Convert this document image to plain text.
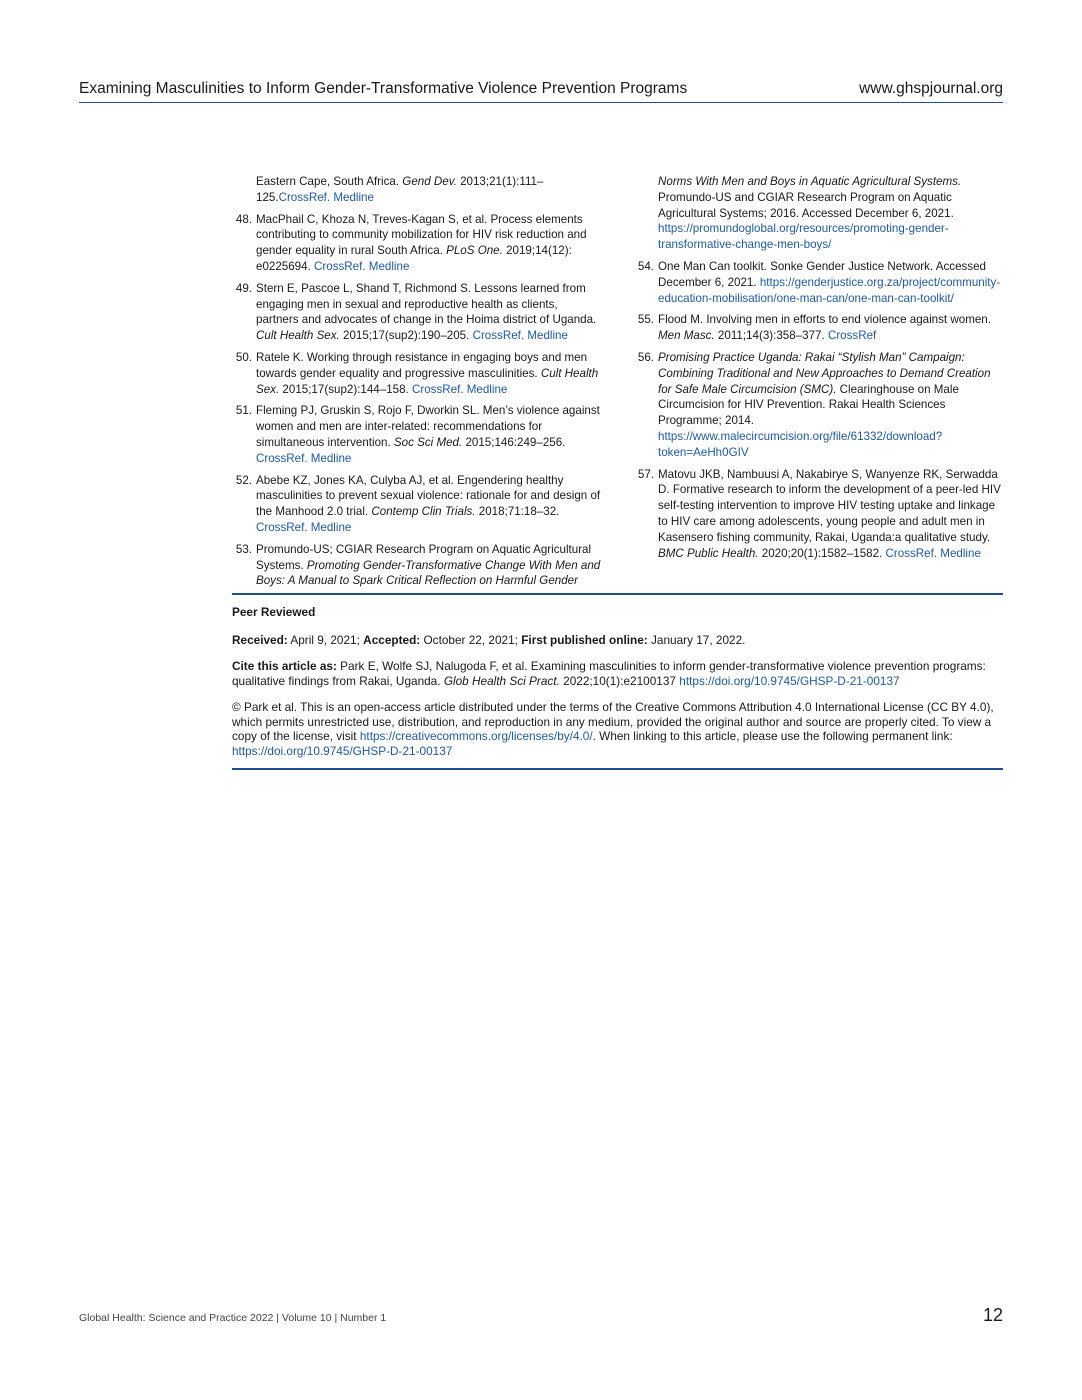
Examining Masculinities to Inform Gender-Transformative Violence Prevention Programs	www.ghspjournal.org
Eastern Cape, South Africa. Gend Dev. 2013;21(1):111–125.CrossRef. Medline
48. MacPhail C, Khoza N, Treves-Kagan S, et al. Process elements contributing to community mobilization for HIV risk reduction and gender equality in rural South Africa. PLoS One. 2019;14(12): e0225694. CrossRef. Medline
49. Stern E, Pascoe L, Shand T, Richmond S. Lessons learned from engaging men in sexual and reproductive health as clients, partners and advocates of change in the Hoima district of Uganda. Cult Health Sex. 2015;17(sup2):190–205. CrossRef. Medline
50. Ratele K. Working through resistance in engaging boys and men towards gender equality and progressive masculinities. Cult Health Sex. 2015;17(sup2):144–158. CrossRef. Medline
51. Fleming PJ, Gruskin S, Rojo F, Dworkin SL. Men’s violence against women and men are inter-related: recommendations for simultaneous intervention. Soc Sci Med. 2015;146:249–256. CrossRef. Medline
52. Abebe KZ, Jones KA, Culyba AJ, et al. Engendering healthy masculinities to prevent sexual violence: rationale for and design of the Manhood 2.0 trial. Contemp Clin Trials. 2018;71:18–32. CrossRef. Medline
53. Promundo-US; CGIAR Research Program on Aquatic Agricultural Systems. Promoting Gender-Transformative Change With Men and Boys: A Manual to Spark Critical Reflection on Harmful Gender
Norms With Men and Boys in Aquatic Agricultural Systems. Promundo-US and CGIAR Research Program on Aquatic Agricultural Systems; 2016. Accessed December 6, 2021. https://promundoglobal.org/resources/promoting-gender-transformative-change-men-boys/
54. One Man Can toolkit. Sonke Gender Justice Network. Accessed December 6, 2021. https://genderjustice.org.za/project/community-education-mobilisation/one-man-can/one-man-can-toolkit/
55. Flood M. Involving men in efforts to end violence against women. Men Masc. 2011;14(3):358–377. CrossRef
56. Promising Practice Uganda: Rakai “Stylish Man” Campaign: Combining Traditional and New Approaches to Demand Creation for Safe Male Circumcision (SMC). Clearinghouse on Male Circumcision for HIV Prevention. Rakai Health Sciences Programme; 2014. https://www.malecircumcision.org/file/61332/download?token=AeHh0GIV
57. Matovu JKB, Nambuusi A, Nakabirye S, Wanyenze RK, Serwadda D. Formative research to inform the development of a peer-led HIV self-testing intervention to improve HIV testing uptake and linkage to HIV care among adolescents, young people and adult men in Kasensero fishing community, Rakai, Uganda:a qualitative study. BMC Public Health. 2020;20(1):1582–1582. CrossRef. Medline

Peer Reviewed

Received: April 9, 2021; Accepted: October 22, 2021; First published online: January 17, 2022.

Cite this article as: Park E, Wolfe SJ, Nalugoda F, et al. Examining masculinities to inform gender-transformative violence prevention programs: qualitative findings from Rakai, Uganda. Glob Health Sci Pract. 2022;10(1):e2100137 https://doi.org/10.9745/GHSP-D-21-00137

© Park et al. This is an open-access article distributed under the terms of the Creative Commons Attribution 4.0 International License (CC BY 4.0), which permits unrestricted use, distribution, and reproduction in any medium, provided the original author and source are properly cited. To view a copy of the license, visit https://creativecommons.org/licenses/by/4.0/. When linking to this article, please use the following permanent link: https://doi.org/10.9745/GHSP-D-21-00137

Global Health: Science and Practice 2022 | Volume 10 | Number 1	12
